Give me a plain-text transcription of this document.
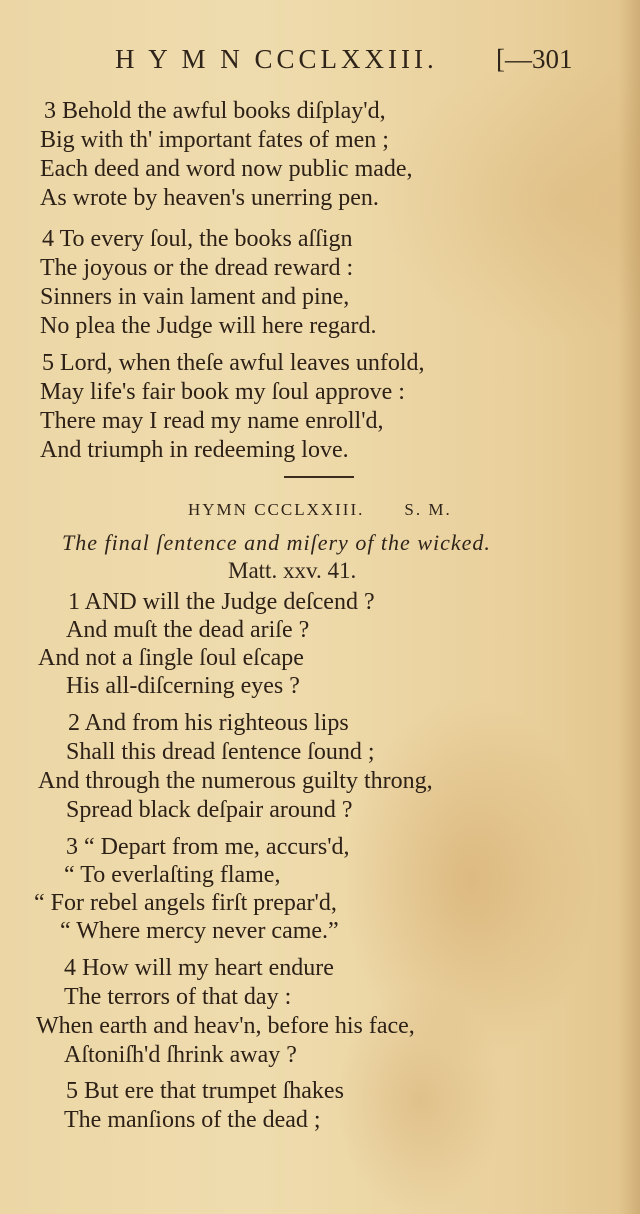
H Y M N CCCLXXIII. [—301
3 Behold the awful books diſplay'd,
Big with th' important fates of men ;
Each deed and word now public made,
As wrote by heaven's unerring pen.
4 To every ſoul, the books aſſign
The joyous or the dread reward :
Sinners in vain lament and pine,
No plea the Judge will here regard.
5 Lord, when theſe awful leaves unfold,
May life's fair book my ſoul approve :
There may I read my name enroll'd,
And triumph in redeeming love.
HYMN CCCLXXIII. S. M.
The final ſentence and miſery of the wicked.
Matt. xxv. 41.
1 AND will the Judge deſcend ?
And muſt the dead ariſe ?
And not a ſingle ſoul eſcape
His all-diſcerning eyes ?
2 And from his righteous lips
Shall this dread ſentence ſound ;
And through the numerous guilty throng,
Spread black deſpair around ?
3 “ Depart from me, accurs'd,
“ To everlaſting flame,
“ For rebel angels firſt prepar'd,
“ Where mercy never came.”
4 How will my heart endure
The terrors of that day :
When earth and heav'n, before his face,
Aſtoniſh'd ſhrink away ?
5 But ere that trumpet ſhakes
The manſions of the dead ;
